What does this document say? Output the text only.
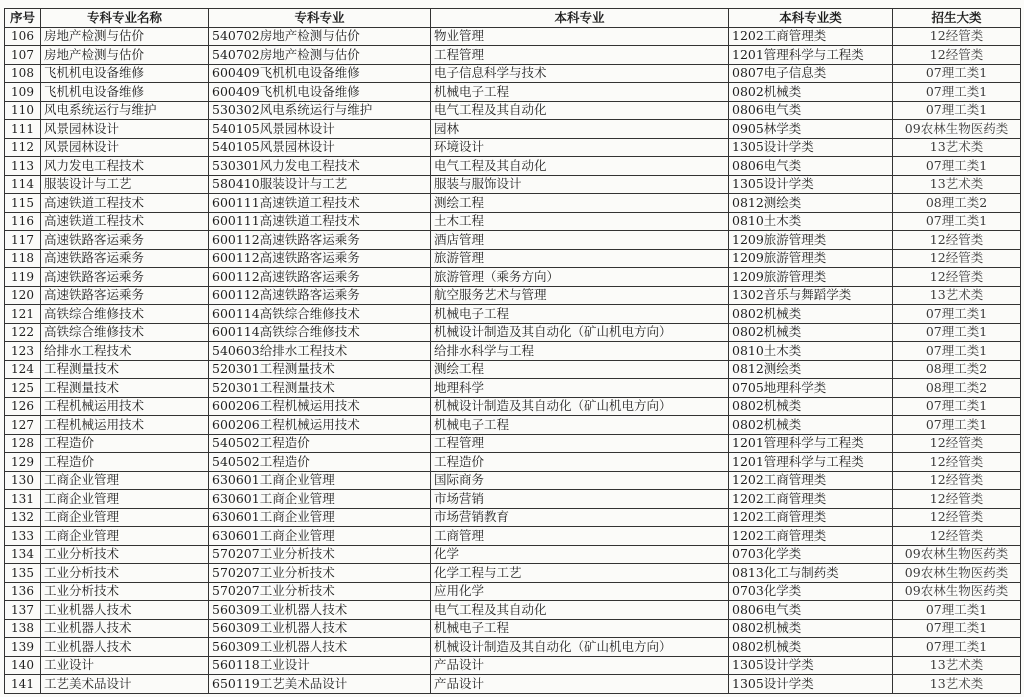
序号	专科专业名称	专科专业	本科专业	本科专业类	招生大类
106	房地产检测与估价	540702房地产检测与估价	物业管理	1202工商管理类	12经管类
107	房地产检测与估价	540702房地产检测与估价	工程管理	1201管理科学与工程类	12经管类
108	飞机机电设备维修	600409飞机机电设备维修	电子信息科学与技术	0807电子信息类	07理工类1
109	飞机机电设备维修	600409飞机机电设备维修	机械电子工程	0802机械类	07理工类1
110	风电系统运行与维护	530302风电系统运行与维护	电气工程及其自动化	0806电气类	07理工类1
111	风景园林设计	540105风景园林设计	园林	0905林学类	09农林生物医药类
112	风景园林设计	540105风景园林设计	环境设计	1305设计学类	13艺术类
113	风力发电工程技术	530301风力发电工程技术	电气工程及其自动化	0806电气类	07理工类1
114	服装设计与工艺	580410服装设计与工艺	服装与服饰设计	1305设计学类	13艺术类
115	高速铁道工程技术	600111高速铁道工程技术	测绘工程	0812测绘类	08理工类2
116	高速铁道工程技术	600111高速铁道工程技术	土木工程	0810土木类	07理工类1
117	高速铁路客运乘务	600112高速铁路客运乘务	酒店管理	1209旅游管理类	12经管类
118	高速铁路客运乘务	600112高速铁路客运乘务	旅游管理	1209旅游管理类	12经管类
119	高速铁路客运乘务	600112高速铁路客运乘务	旅游管理（乘务方向）	1209旅游管理类	12经管类
120	高速铁路客运乘务	600112高速铁路客运乘务	航空服务艺术与管理	1302音乐与舞蹈学类	13艺术类
121	高铁综合维修技术	600114高铁综合维修技术	机械电子工程	0802机械类	07理工类1
122	高铁综合维修技术	600114高铁综合维修技术	机械设计制造及其自动化（矿山机电方向）	0802机械类	07理工类1
123	给排水工程技术	540603给排水工程技术	给排水科学与工程	0810土木类	07理工类1
124	工程测量技术	520301工程测量技术	测绘工程	0812测绘类	08理工类2
125	工程测量技术	520301工程测量技术	地理科学	0705地理科学类	08理工类2
126	工程机械运用技术	600206工程机械运用技术	机械设计制造及其自动化（矿山机电方向）	0802机械类	07理工类1
127	工程机械运用技术	600206工程机械运用技术	机械电子工程	0802机械类	07理工类1
128	工程造价	540502工程造价	工程管理	1201管理科学与工程类	12经管类
129	工程造价	540502工程造价	工程造价	1201管理科学与工程类	12经管类
130	工商企业管理	630601工商企业管理	国际商务	1202工商管理类	12经管类
131	工商企业管理	630601工商企业管理	市场营销	1202工商管理类	12经管类
132	工商企业管理	630601工商企业管理	市场营销教育	1202工商管理类	12经管类
133	工商企业管理	630601工商企业管理	工商管理	1202工商管理类	12经管类
134	工业分析技术	570207工业分析技术	化学	0703化学类	09农林生物医药类
135	工业分析技术	570207工业分析技术	化学工程与工艺	0813化工与制药类	09农林生物医药类
136	工业分析技术	570207工业分析技术	应用化学	0703化学类	09农林生物医药类
137	工业机器人技术	560309工业机器人技术	电气工程及其自动化	0806电气类	07理工类1
138	工业机器人技术	560309工业机器人技术	机械电子工程	0802机械类	07理工类1
139	工业机器人技术	560309工业机器人技术	机械设计制造及其自动化（矿山机电方向）	0802机械类	07理工类1
140	工业设计	560118工业设计	产品设计	1305设计学类	13艺术类
141	工艺美术品设计	650119工艺美术品设计	产品设计	1305设计学类	13艺术类
